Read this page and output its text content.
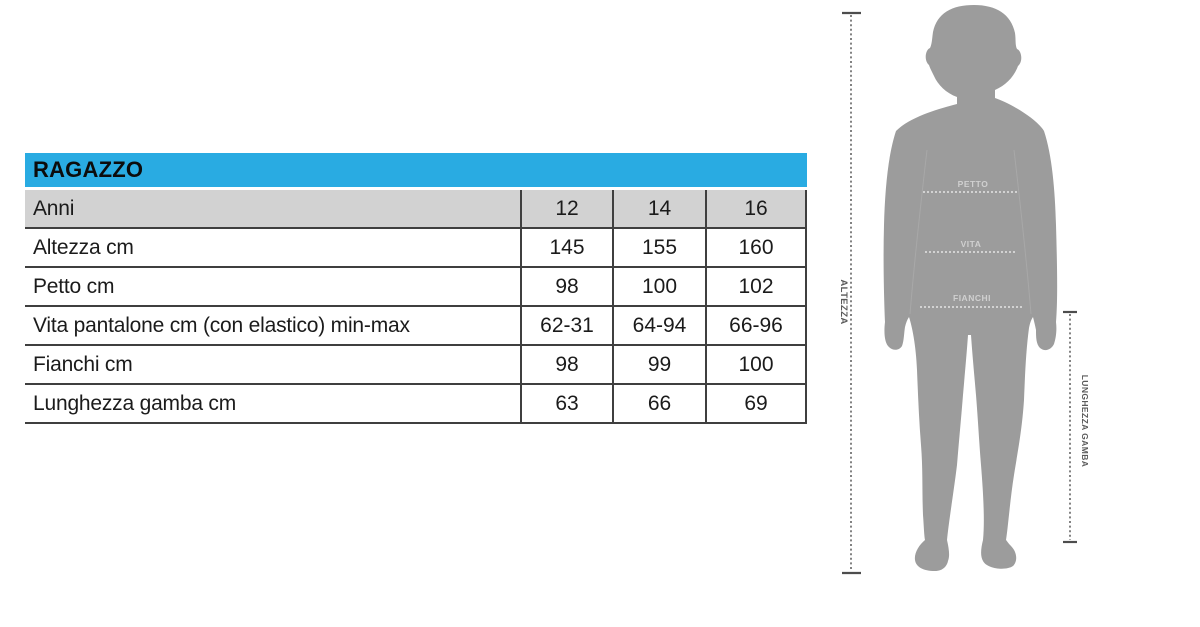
RAGAZZO
Anni	12	14	16
Altezza cm	145	155	160
Petto cm	98	100	102
Vita pantalone cm (con elastico) min-max	62-31	64-94	66-96
Fianchi cm	98	99	100
Lunghezza gamba cm	63	66	69
PETTO
VITA
FIANCHI
ALTEZZA
LUNGHEZZA GAMBA
